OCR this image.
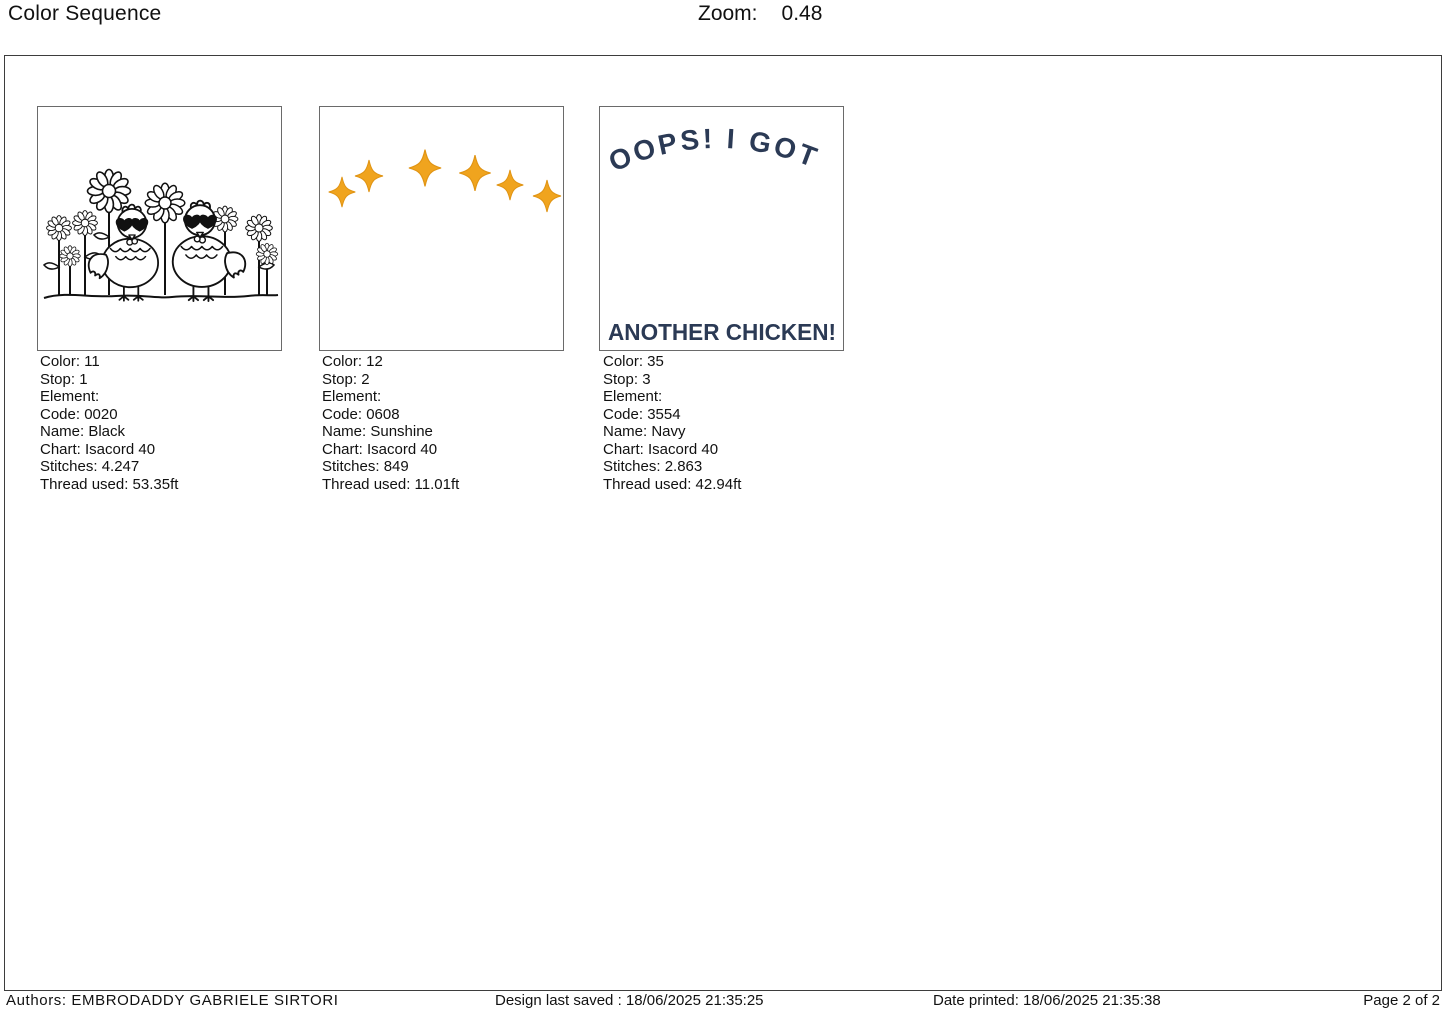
Color Sequence	Zoom: 0.48
OOPS! I GOT
ANOTHER CHICKEN!
Color: 11
Stop: 1
Element:
Code: 0020
Name: Black
Chart: Isacord 40
Stitches: 4.247
Thread used: 53.35ft
Color: 12
Stop: 2
Element:
Code: 0608
Name: Sunshine
Chart: Isacord 40
Stitches: 849
Thread used: 11.01ft
Color: 35
Stop: 3
Element:
Code: 3554
Name: Navy
Chart: Isacord 40
Stitches: 2.863
Thread used: 42.94ft
Authors: EMBRODADDY GABRIELE SIRTORI	Design last saved : 18/06/2025 21:35:25	Date printed: 18/06/2025 21:35:38	Page 2 of 2
